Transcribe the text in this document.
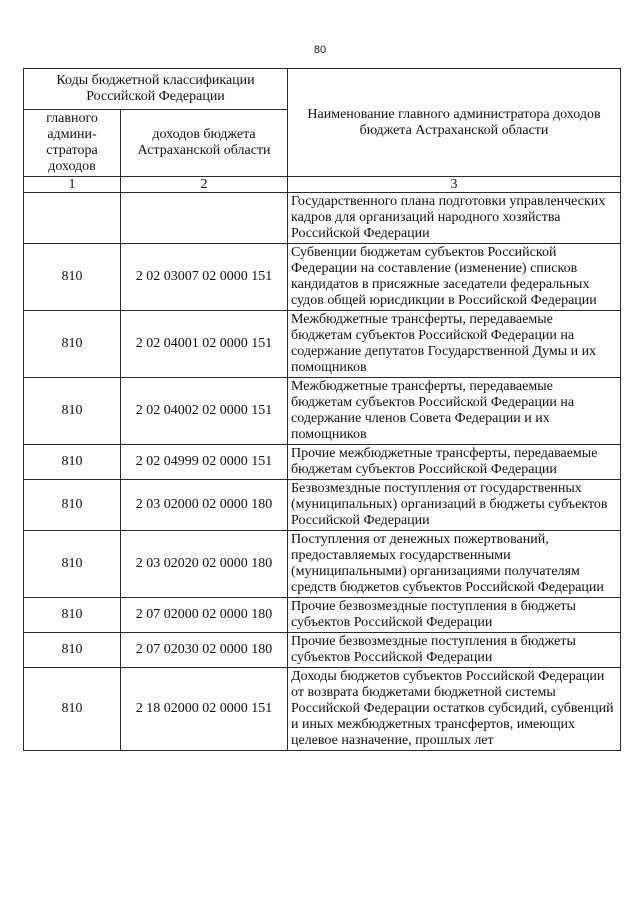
80
Коды бюджетной классификации Российской Федерации		Наименование главного администратора доходов бюджета Астраханской области
главного админи-стратора доходов	доходов бюджета Астраханской области	
1	2	3
		Государственного плана подготовки управленческих кадров для организаций народного хозяйства Российской Федерации
810	2 02 03007 02 0000 151	Субвенции бюджетам субъектов Российской Федерации на составление (изменение) списков кандидатов в присяжные заседатели федеральных судов общей юрисдикции в Российской Федерации
810	2 02 04001 02 0000 151	Межбюджетные трансферты, передаваемые бюджетам субъектов Российской Федерации на содержание депутатов Государственной Думы и их помощников
810	2 02 04002 02 0000 151	Межбюджетные трансферты, передаваемые бюджетам субъектов Российской Федерации на содержание членов Совета Федерации и их помощников
810	2 02 04999 02 0000 151	Прочие межбюджетные трансферты, передаваемые бюджетам субъектов Российской Федерации
810	2 03 02000 02 0000 180	Безвозмездные поступления от государственных (муниципальных) организаций в бюджеты субъектов Российской Федерации
810	2 03 02020 02 0000 180	Поступления от денежных пожертвований, предоставляемых государственными (муниципальными) организациями получателям средств бюджетов субъектов Российской Федерации
810	2 07 02000 02 0000 180	Прочие безвозмездные поступления в бюджеты субъектов Российской Федерации
810	2 07 02030 02 0000 180	Прочие безвозмездные поступления в бюджеты субъектов Российской Федерации
810	2 18 02000 02 0000 151	Доходы бюджетов субъектов Российской Федерации от возврата бюджетами бюджетной системы Российской Федерации остатков субсидий, субвенций и иных межбюджетных трансфертов, имеющих целевое назначение, прошлых лет
